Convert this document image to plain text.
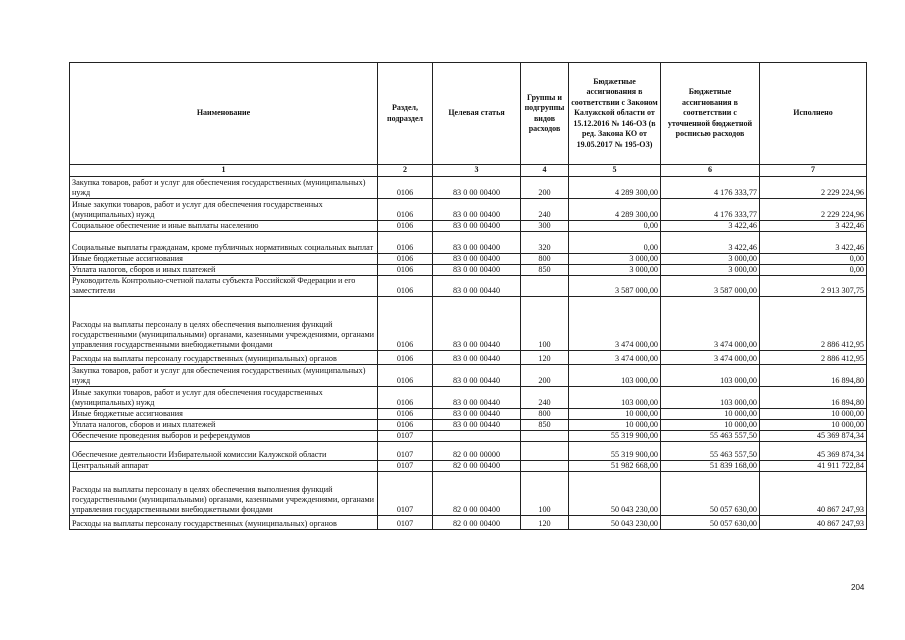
Наименование	Раздел, подраздел	Целевая статья	Группы и подгруппы видов расходов	Бюджетные ассигнования в соответствии с Законом Калужской области от 15.12.2016 № 146-ОЗ (в ред. Закона КО от 19.05.2017 № 195-ОЗ)	Бюджетные ассигнования в соответствии с уточненной бюджетной росписью расходов	Исполнено
1	2	3	4	5	6	7
Закупка товаров, работ и услуг для обеспечения государственных (муниципальных) нужд	0106	83 0 00 00400	200	4 289 300,00	4 176 333,77	2 229 224,96
Иные закупки товаров, работ и услуг для обеспечения государственных (муниципальных) нужд	0106	83 0 00 00400	240	4 289 300,00	4 176 333,77	2 229 224,96
Социальное обеспечение и иные выплаты населению	0106	83 0 00 00400	300	0,00	3 422,46	3 422,46
Социальные выплаты гражданам, кроме публичных нормативных социальных выплат	0106	83 0 00 00400	320	0,00	3 422,46	3 422,46
Иные бюджетные ассигнования	0106	83 0 00 00400	800	3 000,00	3 000,00	0,00
Уплата налогов, сборов и иных платежей	0106	83 0 00 00400	850	3 000,00	3 000,00	0,00
Руководитель Контрольно-счетной палаты субъекта Российской Федерации и его заместители	0106	83 0 00 00440		3 587 000,00	3 587 000,00	2 913 307,75
Расходы на выплаты персоналу в целях обеспечения выполнения функций государственными (муниципальными) органами, казенными учреждениями, органами управления государственными внебюджетными фондами	0106	83 0 00 00440	100	3 474 000,00	3 474 000,00	2 886 412,95
Расходы на выплаты персоналу государственных (муниципальных) органов	0106	83 0 00 00440	120	3 474 000,00	3 474 000,00	2 886 412,95
Закупка товаров, работ и услуг для обеспечения государственных (муниципальных) нужд	0106	83 0 00 00440	200	103 000,00	103 000,00	16 894,80
Иные закупки товаров, работ и услуг для обеспечения государственных (муниципальных) нужд	0106	83 0 00 00440	240	103 000,00	103 000,00	16 894,80
Иные бюджетные ассигнования	0106	83 0 00 00440	800	10 000,00	10 000,00	10 000,00
Уплата налогов, сборов и иных платежей	0106	83 0 00 00440	850	10 000,00	10 000,00	10 000,00
Обеспечение проведения выборов и референдумов	0107			55 319 900,00	55 463 557,50	45 369 874,34
Обеспечение деятельности Избирательной комиссии Калужской области	0107	82 0 00 00000		55 319 900,00	55 463 557,50	45 369 874,34
Центральный аппарат	0107	82 0 00 00400		51 982 668,00	51 839 168,00	41 911 722,84
Расходы на выплаты персоналу в целях обеспечения выполнения функций государственными (муниципальными) органами, казенными учреждениями, органами управления государственными внебюджетными фондами	0107	82 0 00 00400	100	50 043 230,00	50 057 630,00	40 867 247,93
Расходы на выплаты персоналу государственных (муниципальных) органов	0107	82 0 00 00400	120	50 043 230,00	50 057 630,00	40 867 247,93
204
